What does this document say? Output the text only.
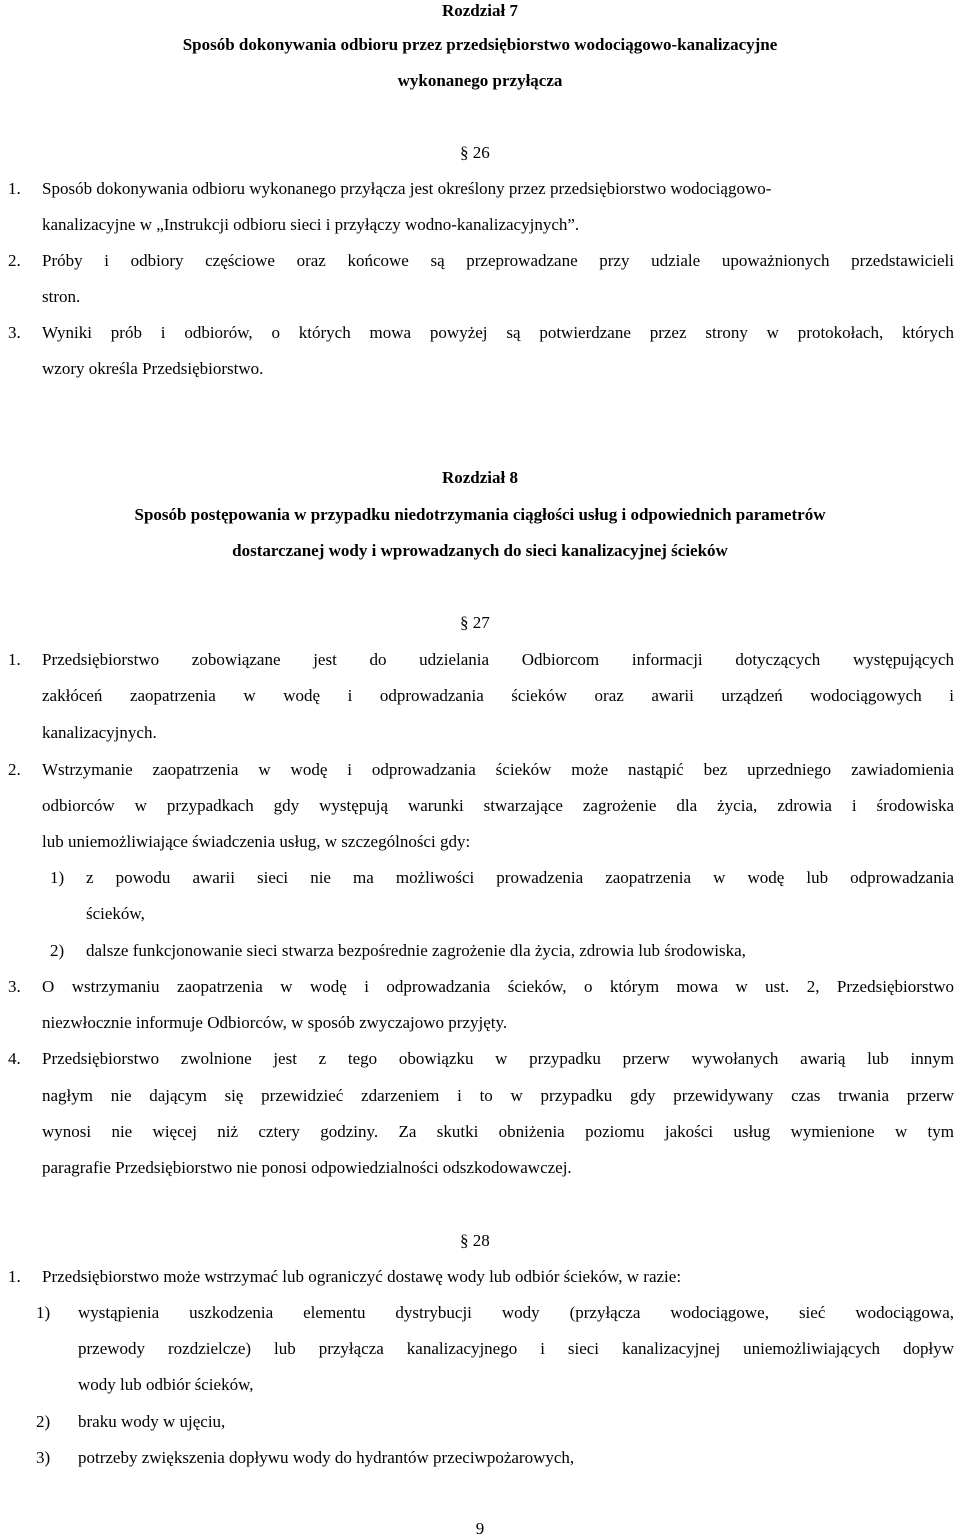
Rozdział 7
Sposób dokonywania odbioru przez przedsiębiorstwo wodociągowo-kanalizacyjne
wykonanego przyłącza
§ 26
1. Sposób dokonywania odbioru wykonanego przyłącza jest określony przez przedsiębiorstwo wodociągowo-
kanalizacyjne w „Instrukcji odbioru sieci i przyłączy wodno-kanalizacyjnych”.
2. Próby i odbiory częściowe oraz końcowe są przeprowadzane przy udziale upoważnionych przedstawicieli
stron.
3. Wyniki prób i odbiorów, o których mowa powyżej są potwierdzane przez strony w protokołach, których
wzory określa Przedsiębiorstwo.
Rozdział 8
Sposób postępowania w przypadku niedotrzymania ciągłości usług i odpowiednich parametrów
dostarczanej wody i wprowadzanych do sieci kanalizacyjnej ścieków
§ 27
1. Przedsiębiorstwo zobowiązane jest do udzielania Odbiorcom informacji dotyczących występujących
zakłóceń zaopatrzenia w wodę i odprowadzania ścieków oraz awarii urządzeń wodociągowych i
kanalizacyjnych.
2. Wstrzymanie zaopatrzenia w wodę i odprowadzania ścieków może nastąpić bez uprzedniego zawiadomienia
odbiorców w przypadkach gdy występują warunki stwarzające zagrożenie dla życia, zdrowia i środowiska
lub uniemożliwiające świadczenia usług, w szczególności gdy:
1) z powodu awarii sieci nie ma możliwości prowadzenia zaopatrzenia w wodę lub odprowadzania
ścieków,
2) dalsze funkcjonowanie sieci stwarza bezpośrednie zagrożenie dla życia, zdrowia lub środowiska,
3. O wstrzymaniu zaopatrzenia w wodę i odprowadzania ścieków, o którym mowa w ust. 2, Przedsiębiorstwo
niezwłocznie informuje Odbiorców, w sposób zwyczajowo przyjęty.
4. Przedsiębiorstwo zwolnione jest z tego obowiązku w przypadku przerw wywołanych awarią lub innym
nagłym nie dającym się przewidzieć zdarzeniem i to w przypadku gdy przewidywany czas trwania przerw
wynosi nie więcej niż cztery godziny. Za skutki obniżenia poziomu jakości usług wymienione w tym
paragrafie Przedsiębiorstwo nie ponosi odpowiedzialności odszkodowawczej.
§ 28
1. Przedsiębiorstwo może wstrzymać lub ograniczyć dostawę wody lub odbiór ścieków, w razie:
1) wystąpienia uszkodzenia elementu dystrybucji wody (przyłącza wodociągowe, sieć wodociągowa,
przewody rozdzielcze) lub przyłącza kanalizacyjnego i sieci kanalizacyjnej uniemożliwiających dopływ
wody lub odbiór ścieków,
2) braku wody w ujęciu,
3) potrzeby zwiększenia dopływu wody do hydrantów przeciwpożarowych,
9
